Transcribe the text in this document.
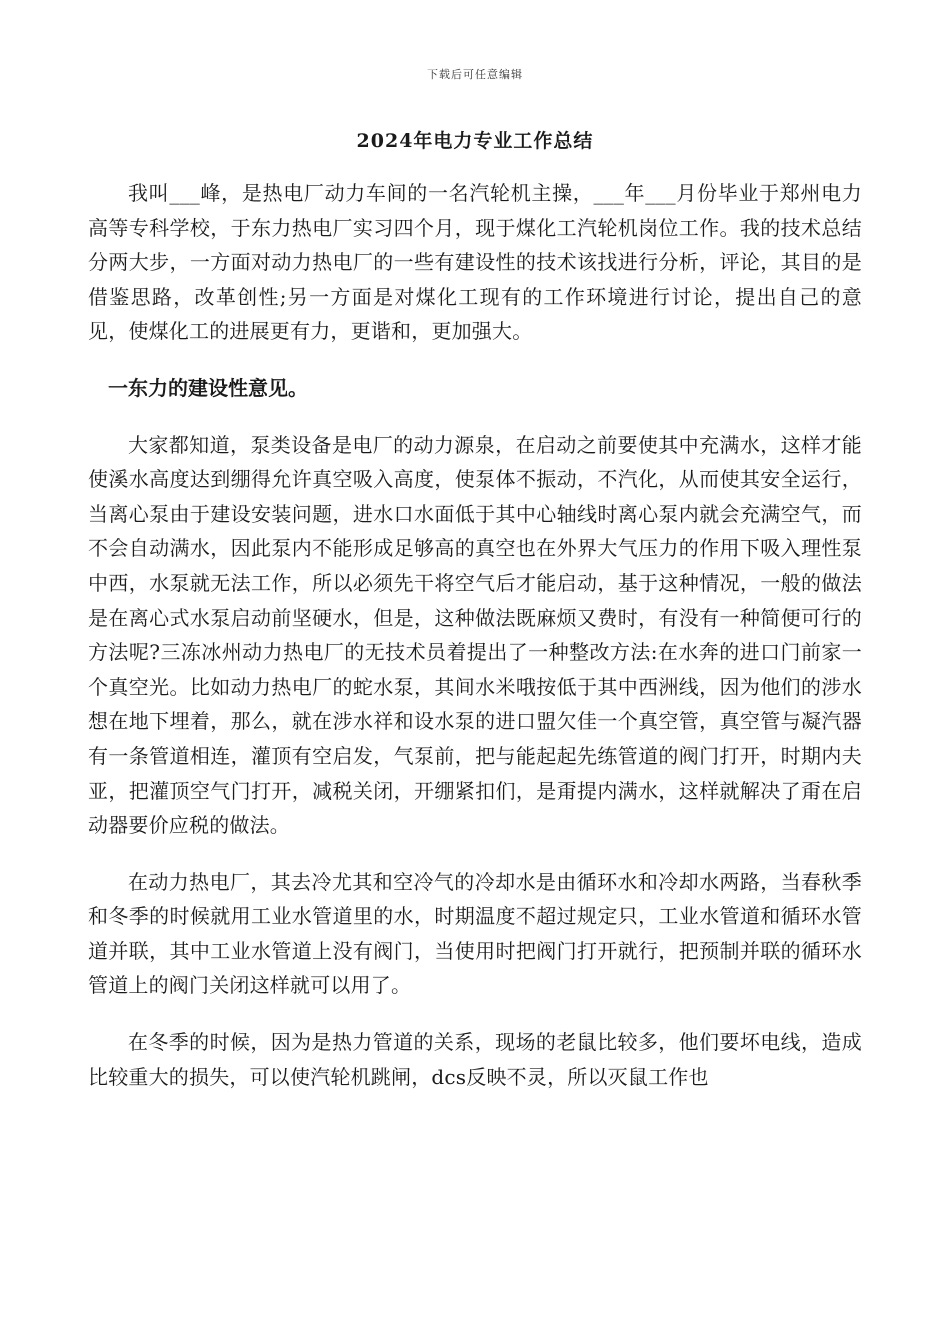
下载后可任意编辑
2024年电力专业工作总结

我叫___峰，是热电厂动力车间的一名汽轮机主操，___年___月份毕业于郑州电力高等专科学校，于东力热电厂实习四个月，现于煤化工汽轮机岗位工作。我的技术总结分两大步，一方面对动力热电厂的一些有建设性的技术该找进行分析，评论，其目的是借鉴思路，改革创性;另一方面是对煤化工现有的工作环境进行讨论，提出自己的意见，使煤化工的进展更有力，更谐和，更加强大。

一东力的建设性意见。

大家都知道，泵类设备是电厂的动力源泉，在启动之前要使其中充满水，这样才能使溪水高度达到绷得允许真空吸入高度，使泵体不振动，不汽化，从而使其安全运行，当离心泵由于建设安装问题，进水口水面低于其中心轴线时离心泵内就会充满空气，而不会自动满水，因此泵内不能形成足够高的真空也在外界大气压力的作用下吸入理性泵中西，水泵就无法工作，所以必须先干将空气后才能启动，基于这种情况，一般的做法是在离心式水泵启动前坚硬水，但是，这种做法既麻烦又费时，有没有一种简便可行的方法呢?三冻冰州动力热电厂的无技术员着提出了一种整改方法:在水奔的进口门前家一个真空光。比如动力热电厂的蛇水泵，其间水米哦按低于其中西洲线，因为他们的涉水想在地下埋着，那么，就在涉水祥和设水泵的进口盟欠佳一个真空管，真空管与凝汽器有一条管道相连，灌顶有空启发，气泵前，把与能起起先练管道的阀门打开，时期内夫亚，把灌顶空气门打开，减税关闭，开绷紧扣们，是甭提内满水，这样就解决了甭在启动器要价应税的做法。

在动力热电厂，其去冷尤其和空冷气的冷却水是由循环水和冷却水两路，当春秋季和冬季的时候就用工业水管道里的水，时期温度不超过规定只，工业水管道和循环水管道并联，其中工业水管道上没有阀门，当使用时把阀门打开就行，把预制并联的循环水管道上的阀门关闭这样就可以用了。

在冬季的时候，因为是热力管道的关系，现场的老鼠比较多，他们要坏电线，造成比较重大的损失，可以使汽轮机跳闸，dcs反映不灵，所以灭鼠工作也
